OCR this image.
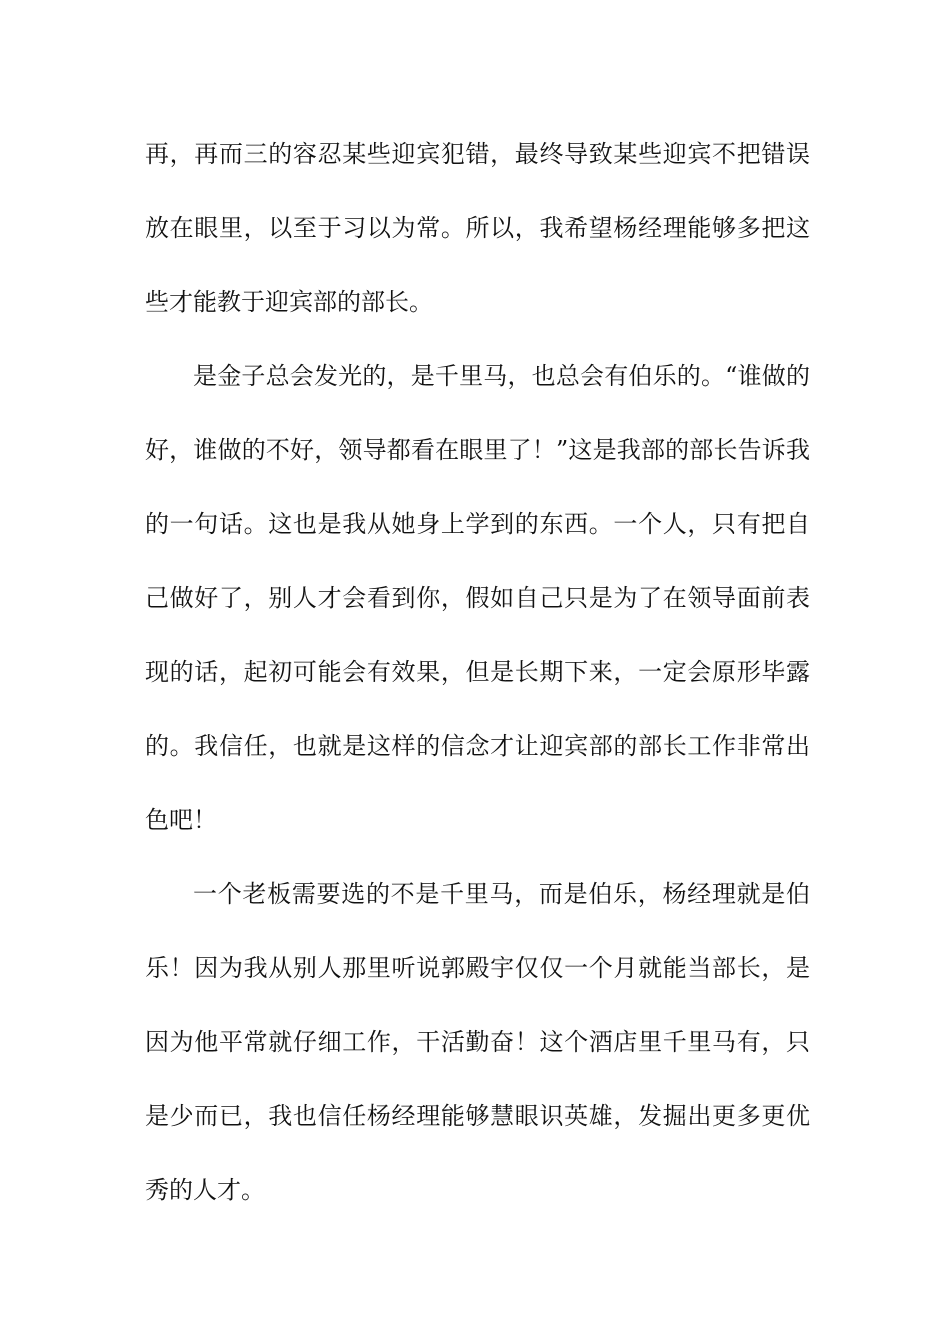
再，再而三的容忍某些迎宾犯错，最终导致某些迎宾不把错误放在眼里，以至于习以为常。所以，我希望杨经理能够多把这些才能教于迎宾部的部长。

是金子总会发光的，是千里马，也总会有伯乐的。“谁做的好，谁做的不好，领导都看在眼里了！”这是我部的部长告诉我的一句话。这也是我从她身上学到的东西。一个人，只有把自己做好了，别人才会看到你，假如自己只是为了在领导面前表现的话，起初可能会有效果，但是长期下来，一定会原形毕露的。我信任，也就是这样的信念才让迎宾部的部长工作非常出色吧！

一个老板需要选的不是千里马，而是伯乐，杨经理就是伯乐！因为我从别人那里听说郭殿宇仅仅一个月就能当部长，是因为他平常就仔细工作，干活勤奋！这个酒店里千里马有，只是少而已，我也信任杨经理能够慧眼识英雄，发掘出更多更优秀的人才。
